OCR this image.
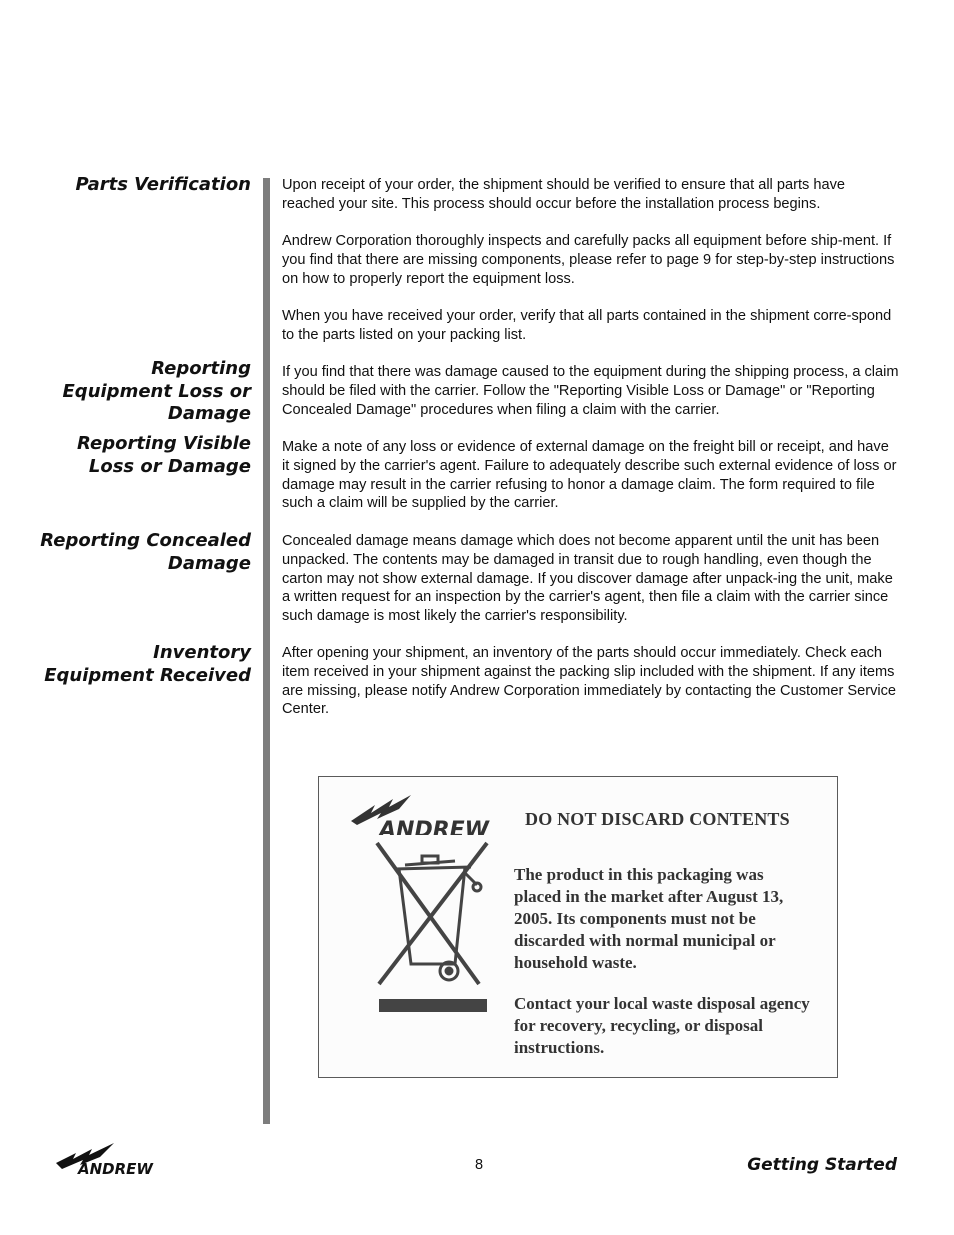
Parts Verification
Reporting Equipment Loss or Damage
Reporting Visible Loss or Damage
Reporting Concealed Damage
Inventory Equipment Received

Upon receipt of your order, the shipment should be verified to ensure that all parts have reached your site. This process should occur before the installation process begins.

Andrew Corporation thoroughly inspects and carefully packs all equipment before ship-ment. If you find that there are missing components, please refer to page 9 for step-by-step instructions on how to properly report the equipment loss.

When you have received your order, verify that all parts contained in the shipment corre-spond to the parts listed on your packing list.

If you find that there was damage caused to the equipment during the shipping process, a claim should be filed with the carrier. Follow the "Reporting Visible Loss or Damage" or "Reporting Concealed Damage" procedures when filing a claim with the carrier.

Make a note of any loss or evidence of external damage on the freight bill or receipt, and have it signed by the carrier's agent. Failure to adequately describe such external evidence of loss or damage may result in the carrier refusing to honor a damage claim. The form required to file such a claim will be supplied by the carrier.

Concealed damage means damage which does not become apparent until the unit has been unpacked. The contents may be damaged in transit due to rough handling, even though the carton may not show external damage. If you discover damage after unpack-ing the unit, make a written request for an inspection by the carrier's agent, then file a claim with the carrier since such damage is most likely the carrier's responsibility.

After opening your shipment, an inventory of the parts should occur immediately. Check each item received in your shipment against the packing slip included with the shipment. If any items are missing, please notify Andrew Corporation immediately by contacting the Customer Service Center.

ANDREW DO NOT DISCARD CONTENTS

The product in this packaging was placed in the market after August 13, 2005. Its components must not be discarded with normal municipal or household waste.

Contact your local waste disposal agency for recovery, recycling, or disposal instructions.

ANDREW	8	Getting Started
